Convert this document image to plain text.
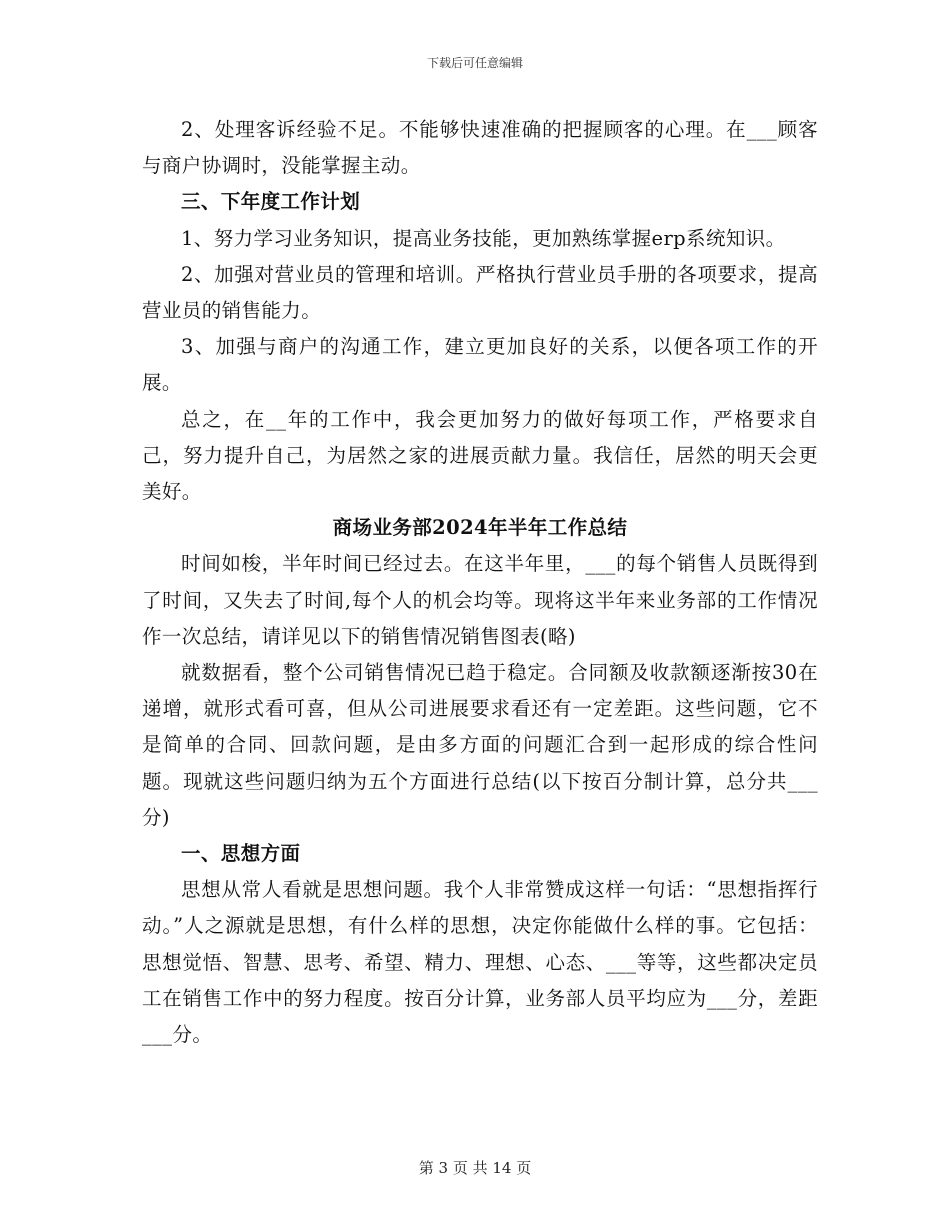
下载后可任意编辑

2、处理客诉经验不足。不能够快速准确的把握顾客的心理。在___顾客与商户协调时，没能掌握主动。

三、下年度工作计划

1、努力学习业务知识，提高业务技能，更加熟练掌握erp系统知识。

2、加强对营业员的管理和培训。严格执行营业员手册的各项要求，提高营业员的销售能力。

3、加强与商户的沟通工作，建立更加良好的关系，以便各项工作的开展。

总之，在__年的工作中，我会更加努力的做好每项工作，严格要求自己，努力提升自己，为居然之家的进展贡献力量。我信任，居然的明天会更美好。

商场业务部2024年半年工作总结

时间如梭，半年时间已经过去。在这半年里，___的每个销售人员既得到了时间，又失去了时间,每个人的机会均等。现将这半年来业务部的工作情况作一次总结，请详见以下的销售情况销售图表(略)

就数据看，整个公司销售情况已趋于稳定。合同额及收款额逐渐按30在递增，就形式看可喜，但从公司进展要求看还有一定差距。这些问题，它不是简单的合同、回款问题，是由多方面的问题汇合到一起形成的综合性问题。现就这些问题归纳为五个方面进行总结(以下按百分制计算，总分共___分)

一、思想方面

思想从常人看就是思想问题。我个人非常赞成这样一句话：“思想指挥行动。”人之源就是思想，有什么样的思想，决定你能做什么样的事。它包括：思想觉悟、智慧、思考、希望、精力、理想、心态、___等等，这些都决定员工在销售工作中的努力程度。按百分计算，业务部人员平均应为___分，差距___分。

第 3 页 共 14 页
